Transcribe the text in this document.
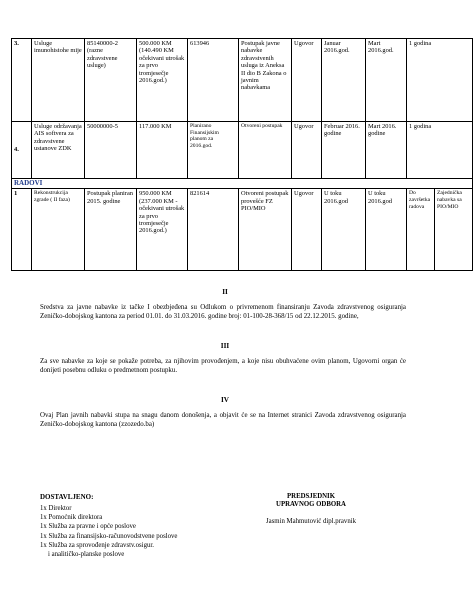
3.	Usluge imunohistohe mije	85140000-2 (razne zdravstvene usluge)	500.000 KM (140.490 KM očekivani utrošak za prvo tromjesečje 2016.god.)	613946	Postupak javne nabavke zdravstvenih usluga iz Aneksa II dio B Zakona o javnim nabavkama	Ugovor	Januar 2016.god.	Mart 2016.god.	1 godina	
4.	Usluge održavanja AIS softvera za zdravstvene ustanove ZDK	50000000-5	117.000 KM	Planirano Finansijskim planom za 2016.god.	Otvoreni postupak	Ugovor	Februar 2016. godine	Mart 2016. godine	1 godina	
RADOVI										
1	Rekonstrukcija zgrade ( II faza)	Postupak planiran 2015. godine	950.000 KM (237.000 KM - očekivani utrošak za prvo tromjesečje 2016.god.)	821614	Otvoreni postupak provešće FZ PIO/MIO	Ugovor	U toku 2016.god	U toku 2016.god	Do završetka radova	Zajednička nabavka sa PIO/MIO
II
Sredstva za javne nabavke iz tačke I obezbjeđena su Odlukom o privremenom finansiranju Zavoda zdravstvenog osiguranja Zeničko-dobojskog kantona za period 01.01. do 31.03.2016. godine broj: 01-100-28-368/15 od 22.12.2015. godine,
III
Za sve nabavke za koje se pokaže potreba, za njihovim provođenjem, a koje nisu obuhvaćene ovim planom, Ugovorni organ će donijeti posebnu odluku o predmetnom postupku.
IV
Ovaj Plan javnih nabavki stupa na snagu danom donošenja, a objavit će se na Internet stranici Zavoda zdravstvenog osiguranja Zeničko-dobojskog kantona (zzozedo.ba)
DOSTAVLJENO:
1x Direktor
1x Pomoćnik direktora
1x Služba za pravne i opće poslove
1x Služba za finansijsko-računovodstvene poslove
1x Služba za sprovođenje zdravstv.osigur.
i analitičko-planske poslove
PREDSJEDNIK
UPRAVNOG ODBORA
Jasmin Mahmutović dipl.pravnik
